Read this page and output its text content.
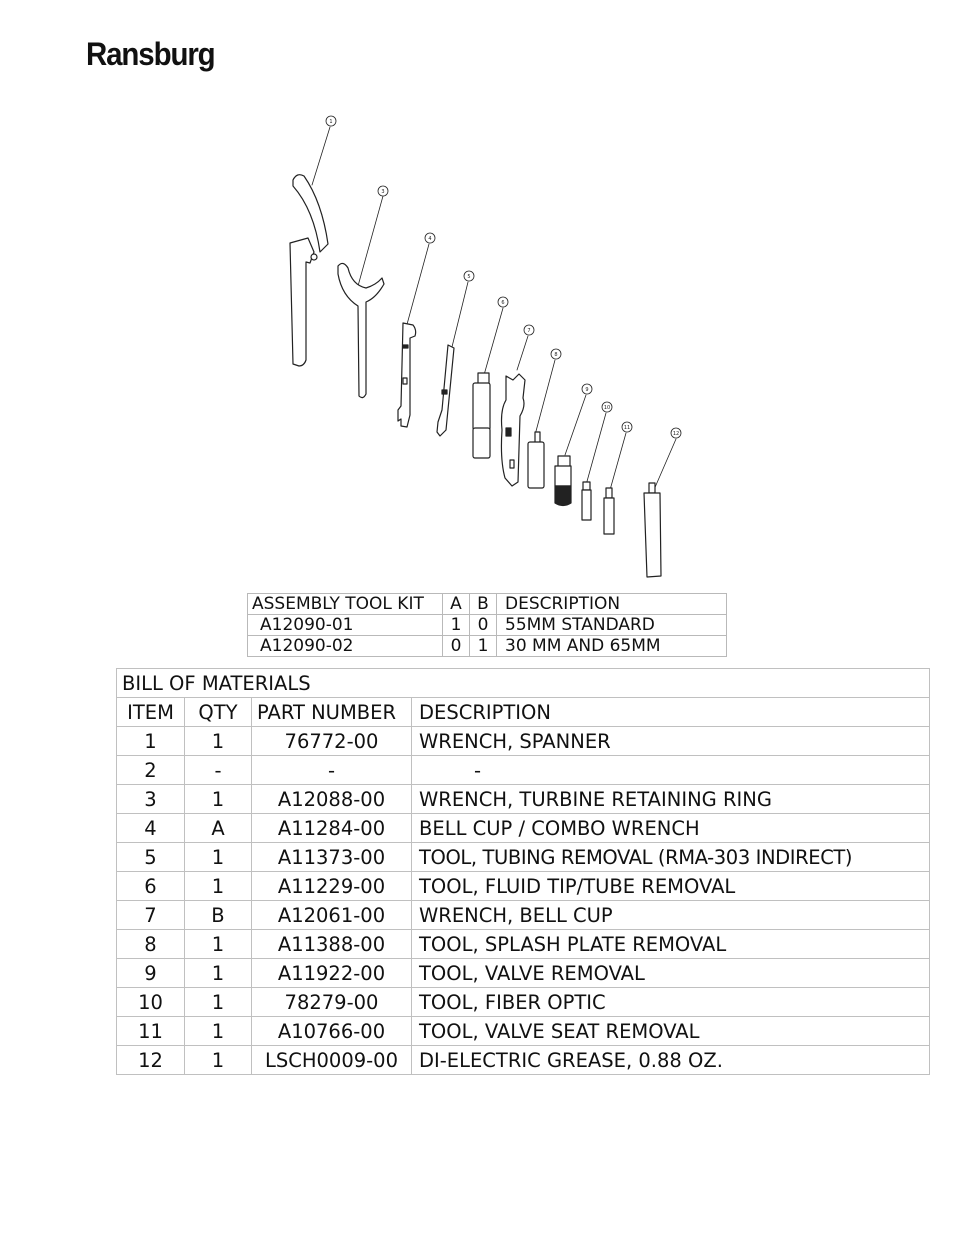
Ransburg
1
3
4
5
6
7
8
9
10
11
12
ASSEMBLY TOOL KIT	A	B	DESCRIPTION
A12090-01	1	0	55MM STANDARD
A12090-02	0	1	30 MM AND 65MM
BILL OF MATERIALS			
ITEM	QTY	PART NUMBER	DESCRIPTION
1	1	76772-00	WRENCH, SPANNER
2	-	-	-
3	1	A12088-00	WRENCH, TURBINE RETAINING RING
4	A	A11284-00	BELL CUP / COMBO WRENCH
5	1	A11373-00	TOOL, TUBING REMOVAL (RMA-303 INDIRECT)
6	1	A11229-00	TOOL, FLUID TIP/TUBE REMOVAL
7	B	A12061-00	WRENCH, BELL CUP
8	1	A11388-00	TOOL, SPLASH PLATE REMOVAL
9	1	A11922-00	TOOL, VALVE REMOVAL
10	1	78279-00	TOOL, FIBER OPTIC
11	1	A10766-00	TOOL, VALVE SEAT REMOVAL
12	1	LSCH0009-00	DI-ELECTRIC GREASE, 0.88 OZ.
